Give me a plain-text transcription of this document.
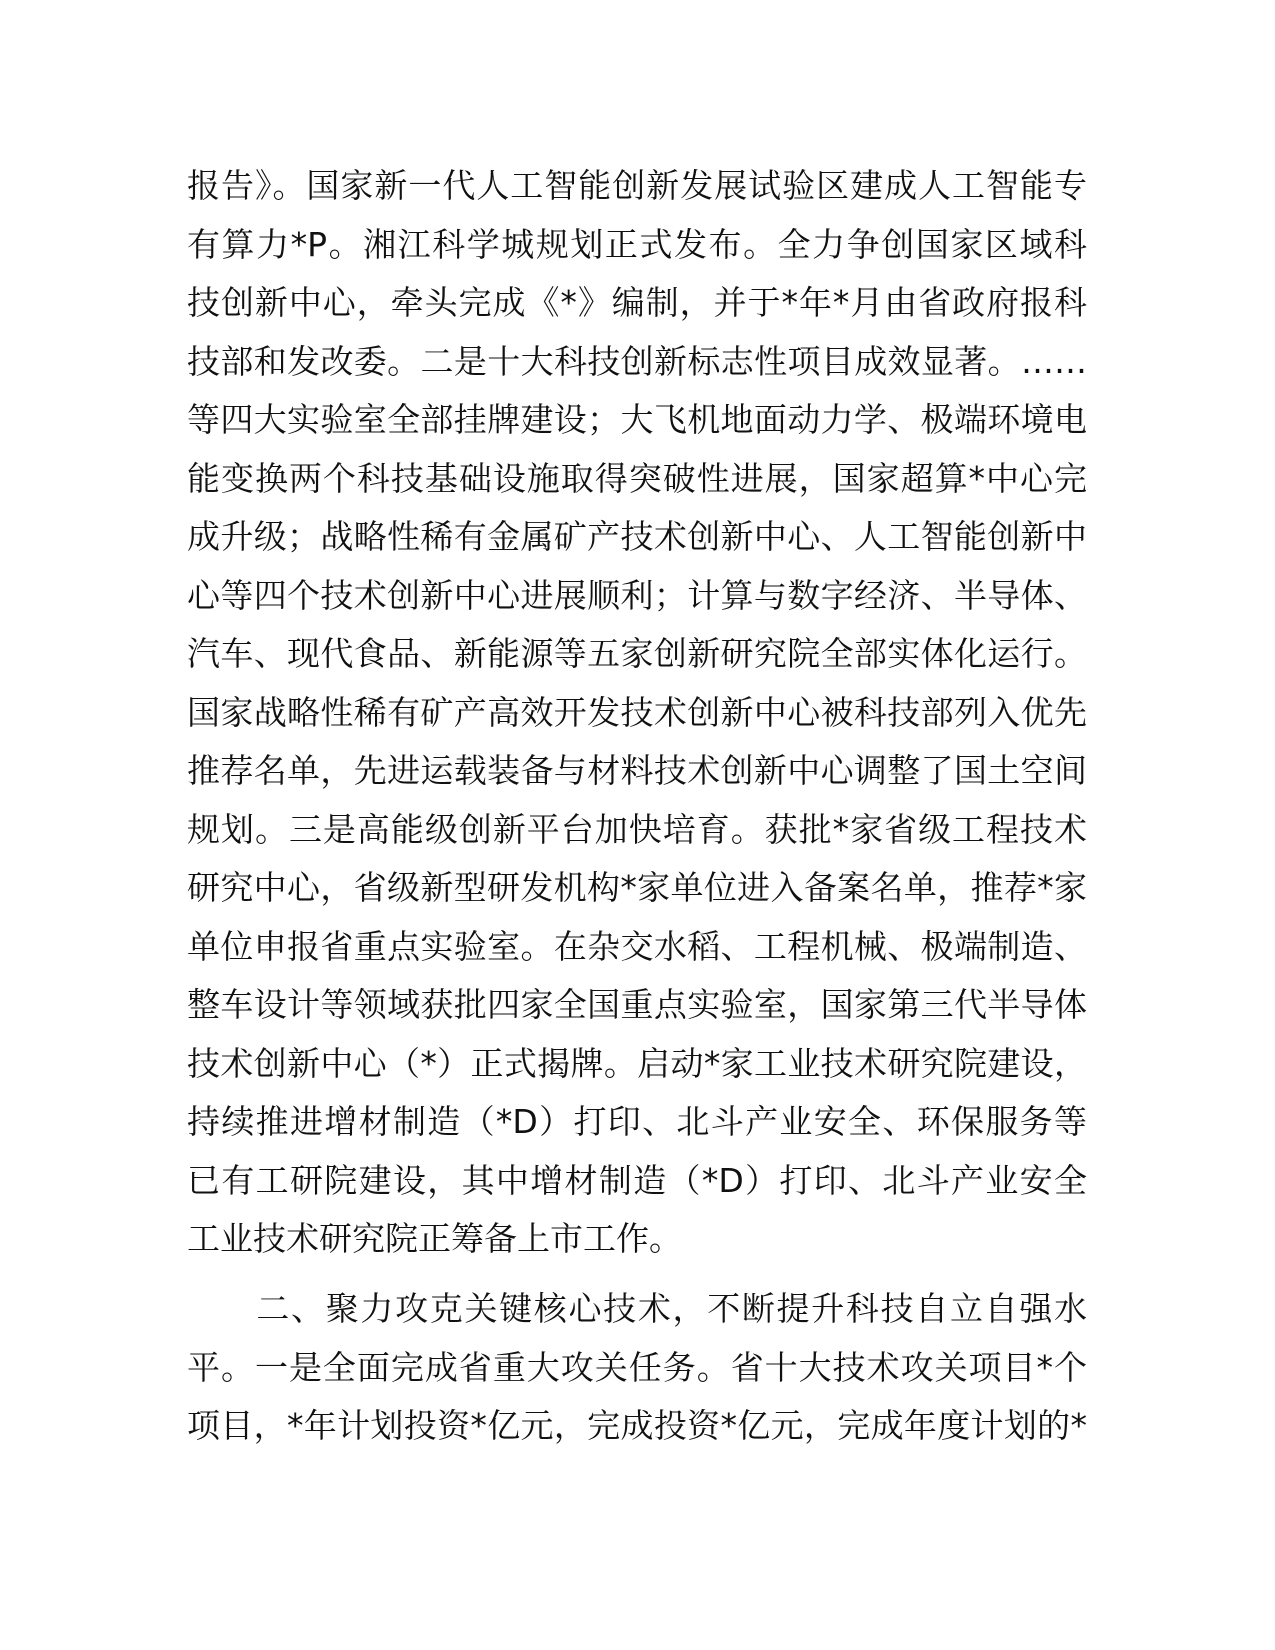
报告》。国家新一代人工智能创新发展试验区建成人工智能专
有算力*P。湘江科学城规划正式发布。全力争创国家区域科
技创新中心，牵头完成《*》编制，并于*年*月由省政府报科
技部和发改委。二是十大科技创新标志性项目成效显著。……
等四大实验室全部挂牌建设；大飞机地面动力学、极端环境电
能变换两个科技基础设施取得突破性进展，国家超算*中心完
成升级；战略性稀有金属矿产技术创新中心、人工智能创新中
心等四个技术创新中心进展顺利；计算与数字经济、半导体、
汽车、现代食品、新能源等五家创新研究院全部实体化运行。
国家战略性稀有矿产高效开发技术创新中心被科技部列入优先
推荐名单，先进运载装备与材料技术创新中心调整了国土空间
规划。三是高能级创新平台加快培育。获批*家省级工程技术
研究中心，省级新型研发机构*家单位进入备案名单，推荐*家
单位申报省重点实验室。在杂交水稻、工程机械、极端制造、
整车设计等领域获批四家全国重点实验室，国家第三代半导体
技术创新中心（*）正式揭牌。启动*家工业技术研究院建设，
持续推进增材制造（*D）打印、北斗产业安全、环保服务等
已有工研院建设，其中增材制造（*D）打印、北斗产业安全
工业技术研究院正筹备上市工作。
　　二、聚力攻克关键核心技术，不断提升科技自立自强水
平。一是全面完成省重大攻关任务。省十大技术攻关项目*个
项目，*年计划投资*亿元，完成投资*亿元，完成年度计划的*
